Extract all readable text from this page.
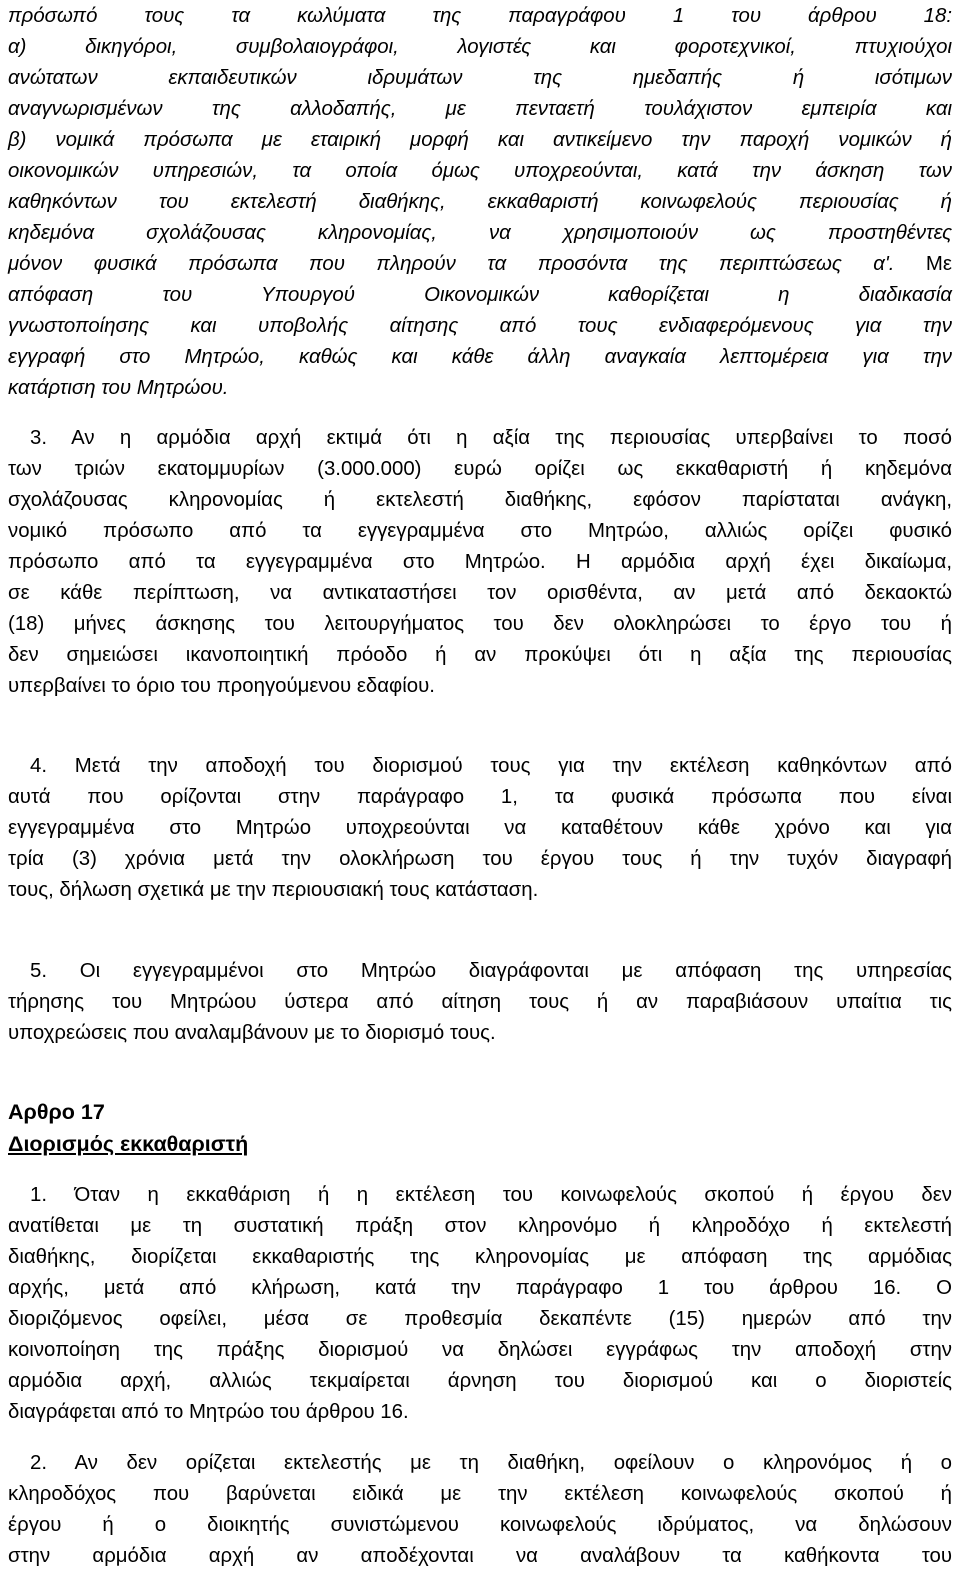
πρόσωπό τους τα κωλύματα της παραγράφου 1 του άρθρου 18:
α) δικηγόροι, συμβολαιογράφοι, λογιστές και φοροτεχνικοί, πτυχιούχοι
ανώτατων εκπαιδευτικών ιδρυμάτων της ημεδαπής ή ισότιμων
αναγνωρισμένων της αλλοδαπής, με πενταετή τουλάχιστον εμπειρία και
β) νομικά πρόσωπα με εταιρική μορφή και αντικείμενο την παροχή νομικών ή
οικονομικών υπηρεσιών, τα οποία όμως υποχρεούνται, κατά την άσκηση των
καθηκόντων του εκτελεστή διαθήκης, εκκαθαριστή κοινωφελούς περιουσίας ή
κηδεμόνα σχολάζουσας κληρονομίας, να χρησιμοποιούν ως προστηθέντες
μόνον φυσικά πρόσωπα που πληρούν τα προσόντα της περιπτώσεως α'. Με
απόφαση του Υπουργού Οικονομικών καθορίζεται η διαδικασία
γνωστοποίησης και υποβολής αίτησης από τους ενδιαφερόμενους για την
εγγραφή στο Μητρώο, καθώς και κάθε άλλη αναγκαία λεπτομέρεια για την
κατάρτιση του Μητρώου.
3. Αν η αρμόδια αρχή εκτιμά ότι η αξία της περιουσίας υπερβαίνει το ποσό
των τριών εκατομμυρίων (3.000.000) ευρώ ορίζει ως εκκαθαριστή ή κηδεμόνα
σχολάζουσας κληρονομίας ή εκτελεστή διαθήκης, εφόσον παρίσταται ανάγκη,
νομικό πρόσωπο από τα εγγεγραμμένα στο Μητρώο, αλλιώς ορίζει φυσικό
πρόσωπο από τα εγγεγραμμένα στο Μητρώο. Η αρμόδια αρχή έχει δικαίωμα,
σε κάθε περίπτωση, να αντικαταστήσει τον ορισθέντα, αν μετά από δεκαοκτώ
(18) μήνες άσκησης του λειτουργήματος του δεν ολοκληρώσει το έργο του ή
δεν σημειώσει ικανοποιητική πρόοδο ή αν προκύψει ότι η αξία της περιουσίας
υπερβαίνει το όριο του προηγούμενου εδαφίου.
4. Μετά την αποδοχή του διορισμού τους για την εκτέλεση καθηκόντων από
αυτά που ορίζονται στην παράγραφο 1, τα φυσικά πρόσωπα που είναι
εγγεγραμμένα στο Μητρώο υποχρεούνται να καταθέτουν κάθε χρόνο και για
τρία (3) χρόνια μετά την ολοκλήρωση του έργου τους ή την τυχόν διαγραφή
τους, δήλωση σχετικά με την περιουσιακή τους κατάσταση.
5. Οι εγγεγραμμένοι στο Μητρώο διαγράφονται με απόφαση της υπηρεσίας
τήρησης του Μητρώου ύστερα από αίτηση τους ή αν παραβιάσουν υπαίτια τις
υποχρεώσεις που αναλαμβάνουν με το διορισμό τους.
Αρθρο 17
Διορισμός εκκαθαριστή
1. Όταν η εκκαθάριση ή η εκτέλεση του κοινωφελούς σκοπού ή έργου δεν
ανατίθεται με τη συστατική πράξη στον κληρονόμο ή κληροδόχο ή εκτελεστή
διαθήκης, διορίζεται εκκαθαριστής της κληρονομίας με απόφαση της αρμόδιας
αρχής, μετά από κλήρωση, κατά την παράγραφο 1 του άρθρου 16. Ο
διοριζόμενος οφείλει, μέσα σε προθεσμία δεκαπέντε (15) ημερών από την
κοινοποίηση της πράξης διορισμού να δηλώσει εγγράφως την αποδοχή στην
αρμόδια αρχή, αλλιώς τεκμαίρεται άρνηση του διορισμού και ο διοριστείς
διαγράφεται από το Μητρώο του άρθρου 16.
2. Αν δεν ορίζεται εκτελεστής με τη διαθήκη, οφείλουν ο κληρονόμος ή ο
κληροδόχος που βαρύνεται ειδικά με την εκτέλεση κοινωφελούς σκοπού ή
έργου ή ο διοικητής συνιστώμενου κοινωφελούς ιδρύματος, να δηλώσουν
στην αρμόδια αρχή αν αποδέχονται να αναλάβουν τα καθήκοντα του
